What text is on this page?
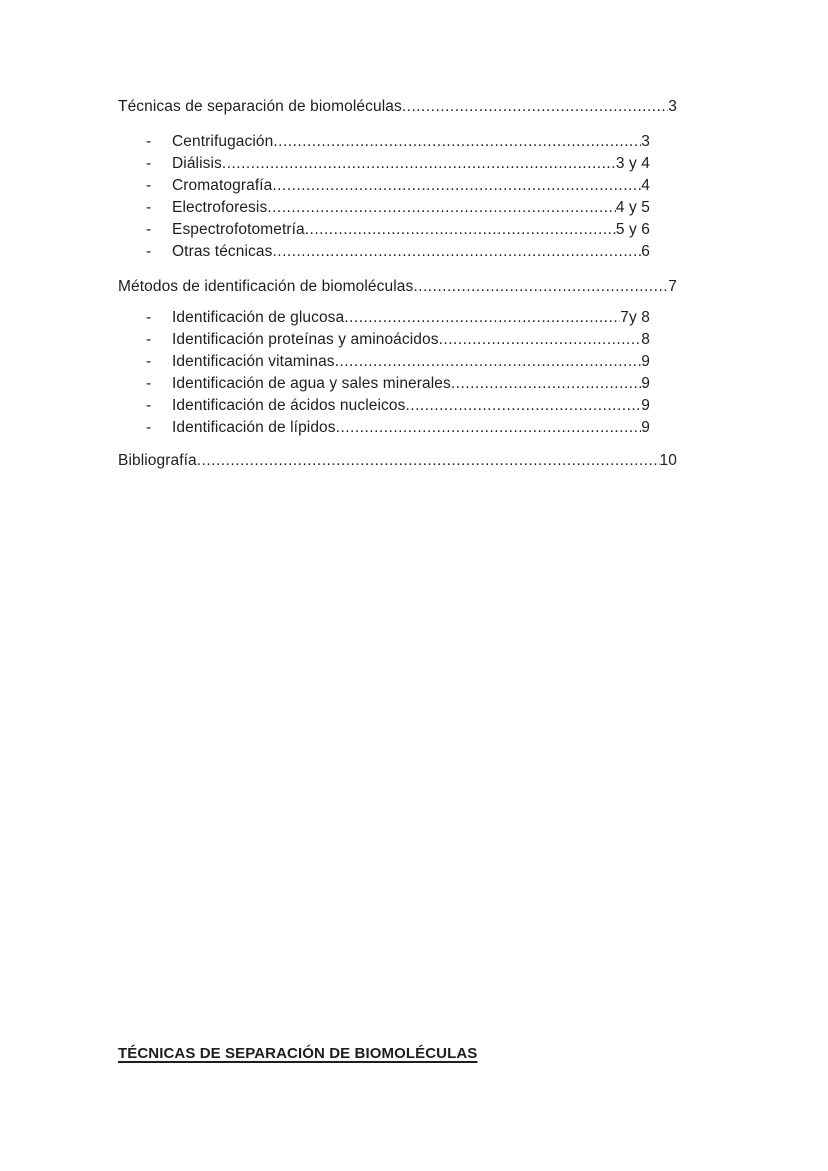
Técnicas de separación de biomoléculas .....	3
-	Centrifugación .....	3
-	Diálisis .....	3 y 4
-	Cromatografía .....	4
-	Electroforesis .....	4 y 5
-	Espectrofotometría .....	5 y 6
-	Otras técnicas .....	6
Métodos de identificación de biomoléculas .....	7
-	Identificación de glucosa .....	7y 8
-	Identificación proteínas y aminoácidos .....	8
-	Identificación vitaminas .....	9
-	Identificación de agua y sales minerales .....	9
-	Identificación de ácidos nucleicos .....	9
-	Identificación de lípidos .....	9
Bibliografía .....	10
TÉCNICAS DE SEPARACIÓN DE BIOMOLÉCULAS
